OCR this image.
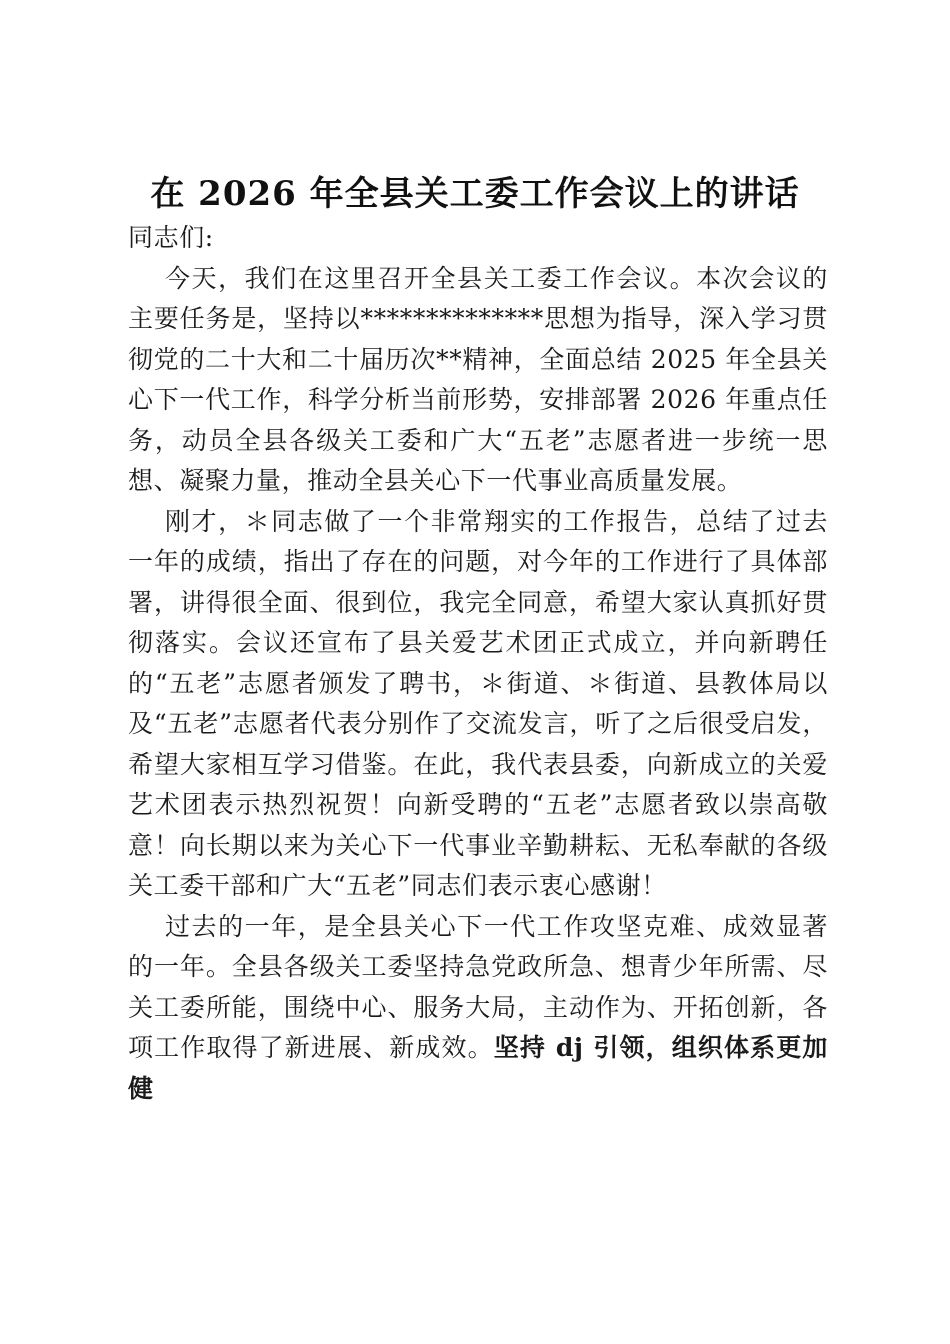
在 2026 年全县关工委工作会议上的讲话

同志们:

今天，我们在这里召开全县关工委工作会议。本次会议的主要任务是，坚持以**************思想为指导，深入学习贯彻党的二十大和二十届历次**精神，全面总结 2025 年全县关心下一代工作，科学分析当前形势，安排部署 2026 年重点任务，动员全县各级关工委和广大“五老”志愿者进一步统一思想、凝聚力量，推动全县关心下一代事业高质量发展。

刚才，＊同志做了一个非常翔实的工作报告，总结了过去一年的成绩，指出了存在的问题，对今年的工作进行了具体部署，讲得很全面、很到位，我完全同意，希望大家认真抓好贯彻落实。会议还宣布了县关爱艺术团正式成立，并向新聘任的“五老”志愿者颁发了聘书，＊街道、＊街道、县教体局以及“五老”志愿者代表分别作了交流发言，听了之后很受启发，希望大家相互学习借鉴。在此，我代表县委，向新成立的关爱艺术团表示热烈祝贺！向新受聘的“五老”志愿者致以崇高敬意！向长期以来为关心下一代事业辛勤耕耘、无私奉献的各级关工委干部和广大“五老”同志们表示衷心感谢！

过去的一年，是全县关心下一代工作攻坚克难、成效显著的一年。全县各级关工委坚持急党政所急、想青少年所需、尽关工委所能，围绕中心、服务大局，主动作为、开拓创新，各项工作取得了新进展、新成效。坚持 dj 引领，组织体系更加健
